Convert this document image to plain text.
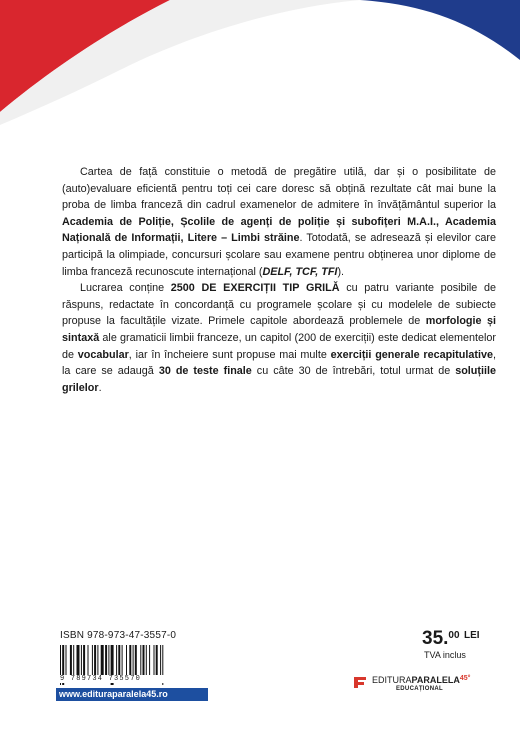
Cartea de față constituie o metodă de pregătire utilă, dar și o posibilitate de (auto)evaluare eficientă pentru toți cei care doresc să obțină rezultate cât mai bune la proba de limba franceză din cadrul examenelor de admitere în învățământul superior la Academia de Poliție, Școlile de agenți de poliție și subofițeri M.A.I., Academia Națională de Informații, Litere – Limbi străine. Totodată, se adresează și elevilor care participă la olimpiade, concursuri școlare sau examene pentru obținerea unor diplome de limba franceză recunoscute internațional (DELF, TCF, TFI).

Lucrarea conține 2500 DE EXERCIȚII TIP GRILĂ cu patru variante posibile de răspuns, redactate în concordanță cu programele școlare și cu modelele de subiecte propuse la facultățile vizate. Primele capitole abordează problemele de morfologie și sintaxă ale gramaticii limbii franceze, un capitol (200 de exerciții) este dedicat elementelor de vocabular, iar în încheiere sunt propuse mai multe exerciții generale recapitulative, la care se adaugă 30 de teste finale cu câte 30 de întrebări, totul urmat de soluțiile grilelor.

ISBN 978-973-47-3557-0
9 789734 735570
www.edituraparalela45.ro
35.00 $^{LEI}$
TVA inclus
$EDITURAPARALELA^{45^\circ}$
EDUCAȚIONAL
